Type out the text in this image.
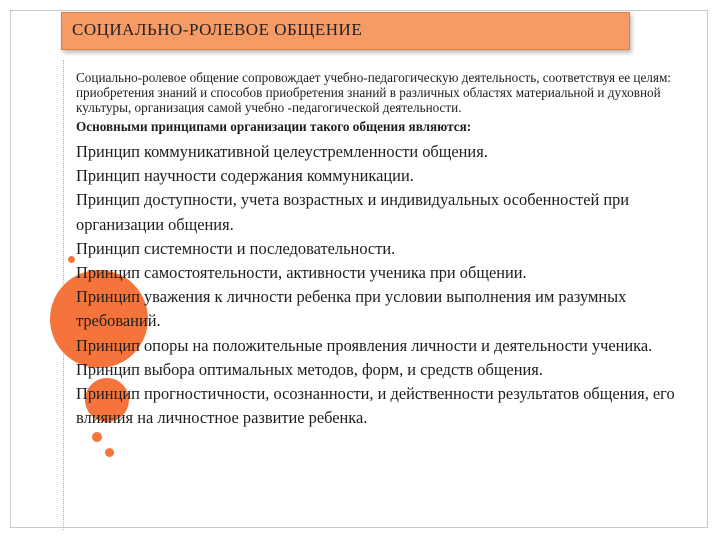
СОЦИАЛЬНО-РОЛЕВОЕ ОБЩЕНИЕ

Социально-ролевое общение сопровождает учебно-педагогическую деятельность, соответствуя ее целям: приобретения знаний и способов приобретения знаний в различных областях материальной и духовной культуры, организация самой учебно -педагогической деятельности.

Основными принципами организации такого общения являются:

Принцип коммуникативной целеустремленности общения.
Принцип научности содержания коммуникации.
Принцип доступности, учета возрастных и индивидуальных особенностей при организации общения.
Принцип системности и последовательности.
Принцип самостоятельности, активности ученика при общении.
Принцип уважения к личности ребенка при условии выполнения им разумных требований.
Принцип опоры на положительные проявления личности и деятельности ученика.
Принцип выбора оптимальных методов, форм, и средств общения.
Принцип прогностичности, осознанности, и действенности результатов общения, его влияния на личностное развитие ребенка.
